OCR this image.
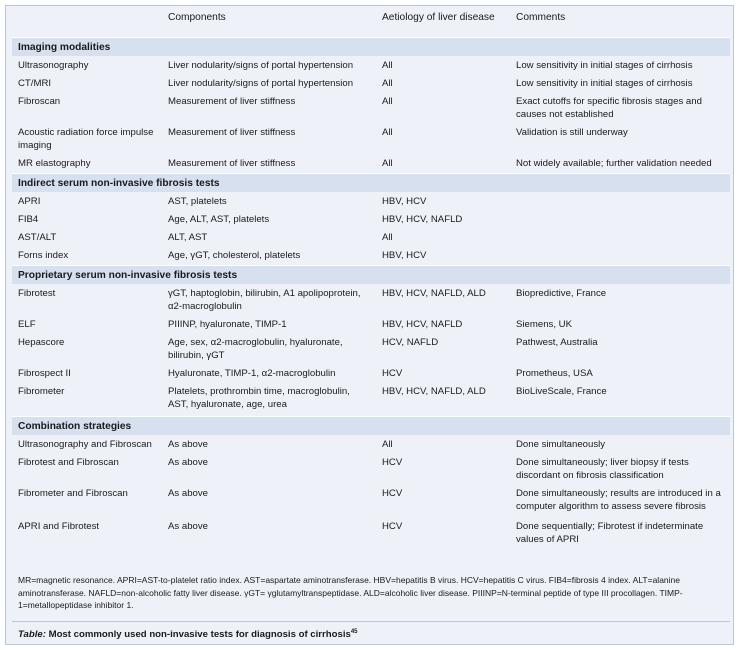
	Components	Aetiology of liver disease	Comments
Imaging modalities			
Ultrasonography	Liver nodularity/signs of portal hypertension	All	Low sensitivity in initial stages of cirrhosis
CT/MRI	Liver nodularity/signs of portal hypertension	All	Low sensitivity in initial stages of cirrhosis
Fibroscan	Measurement of liver stiffness	All	Exact cutoffs for specific fibrosis stages and causes not established
Acoustic radiation force impulse imaging	Measurement of liver stiffness	All	Validation is still underway
MR elastography	Measurement of liver stiffness	All	Not widely available; further validation needed
Indirect serum non-invasive fibrosis tests			
APRI	AST, platelets	HBV, HCV	
FIB4	Age, ALT, AST, platelets	HBV, HCV, NAFLD	
AST/ALT	ALT, AST	All	
Forns index	Age, γGT, cholesterol, platelets	HBV, HCV	
Proprietary serum non-invasive fibrosis tests			
Fibrotest	γGT, haptoglobin, bilirubin, A1 apolipoprotein, α2-macroglobulin	HBV, HCV, NAFLD, ALD	Biopredictive, France
ELF	PIIINP, hyaluronate, TIMP-1	HBV, HCV, NAFLD	Siemens, UK
Hepascore	Age, sex, α2-macroglobulin, hyaluronate, bilirubin, γGT	HCV, NAFLD	Pathwest, Australia
Fibrospect II	Hyaluronate, TIMP-1, α2-macroglobulin	HCV	Prometheus, USA
Fibrometer	Platelets, prothrombin time, macroglobulin, AST, hyaluronate, age, urea	HBV, HCV, NAFLD, ALD	BioLiveScale, France
Combination strategies			
Ultrasonography and Fibroscan	As above	All	Done simultaneously
Fibrotest and Fibroscan	As above	HCV	Done simultaneously; liver biopsy if tests discordant on fibrosis classification
Fibrometer and Fibroscan	As above	HCV	Done simultaneously; results are introduced in a computer algorithm to assess severe fibrosis
APRI and Fibrotest	As above	HCV	Done sequentially; Fibrotest if indeterminate values of APRI
MR=magnetic resonance. APRI=AST-to-platelet ratio index. AST=aspartate aminotransferase. HBV=hepatitis B virus. HCV=hepatitis C virus. FIB4=fibrosis 4 index. ALT=alanine aminotransferase. NAFLD=non-alcoholic fatty liver disease. γGT= γglutamyltranspeptidase. ALD=alcoholic liver disease. PIIINP=N-terminal peptide of type III procollagen. TIMP-1=metallopeptidase inhibitor 1.
Table: Most commonly used non-invasive tests for diagnosis of cirrhosis$^{45}$
